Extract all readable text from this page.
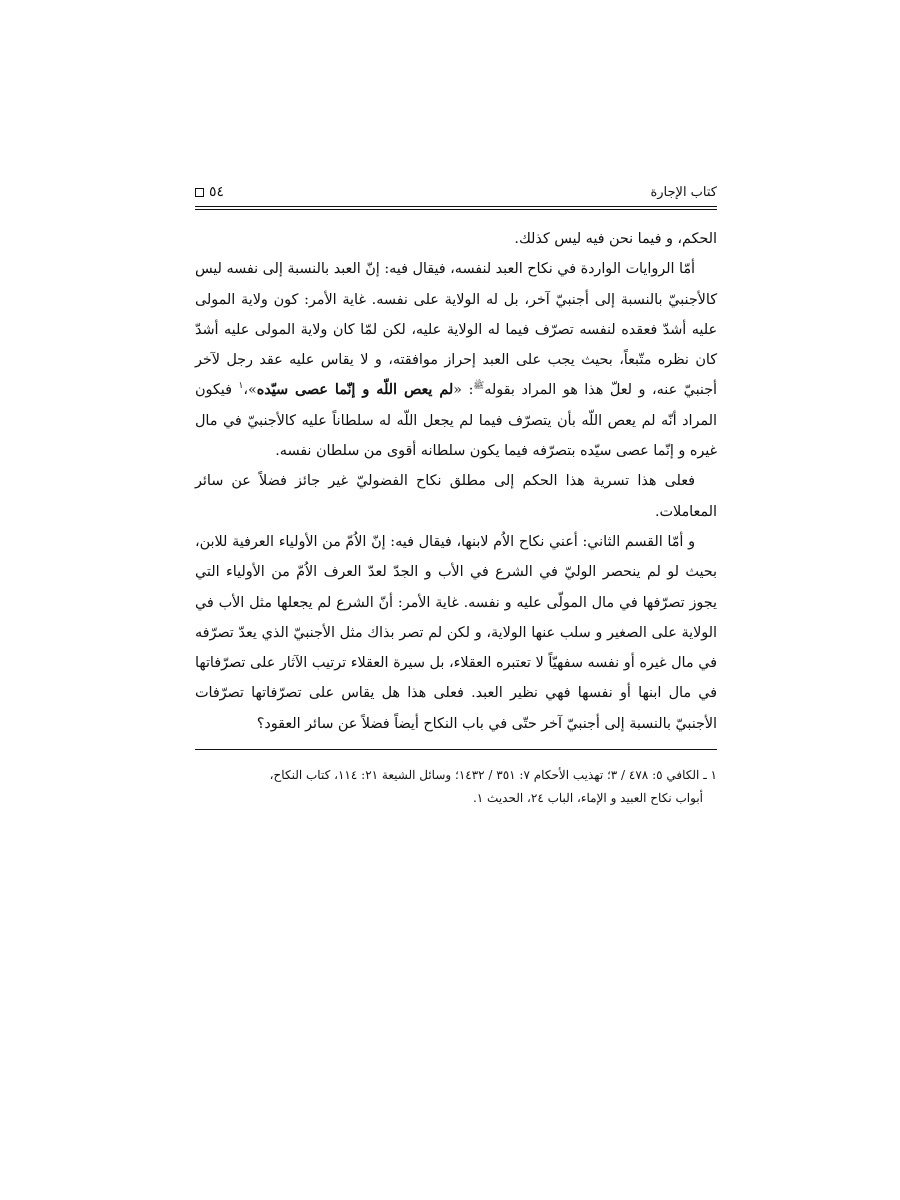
كتاب الإجارة
٥٤

الحكم، و فيما نحن فيه ليس كذلك.

أمّا الروايات الواردة في نكاح العبد لنفسه، فيقال فيه: إنّ العبد بالنسبة إلى نفسه ليس كالأجنبيّ بالنسبة إلى أجنبيّ آخر، بل له الولاية على نفسه. غاية الأمر: كون ولاية المولى عليه أشدّ فعقده لنفسه تصرّف فيما له الولاية عليه، لكن لمّا كان ولاية المولى عليه أشدّ كان نظره متّبعاً، بحيث يجب على العبد إحراز موافقته، و لا يقاس عليه عقد رجل لآخر أجنبيّ عنه، و لعلّ هذا هو المراد بقوله$^ﷺ$: «لم يعص اللّه و إنّما عصى سيّده»،$^١$ فيكون المراد أنّه لم يعص اللّه بأن يتصرّف فيما لم يجعل اللّه له سلطاناً عليه كالأجنبيّ في مال غيره و إنّما عصى سيّده بتصرّفه فيما يكون سلطانه أقوى من سلطان نفسه.

فعلى هذا تسرية هذا الحكم إلى مطلق نكاح الفضوليّ غير جائز فضلاً عن سائر المعاملات.

و أمّا القسم الثاني: أعني نكاح الاُم لابنها، فيقال فيه: إنّ الاُمّ من الأولياء العرفية للابن، بحيث لو لم ينحصر الوليّ في الشرع في الأب و الجدّ لعدّ العرف الاُمّ من الأولياء التي يجوز تصرّفها في مال المولّى عليه و نفسه. غاية الأمر: أنّ الشرع لم يجعلها مثل الأب في الولاية على الصغير و سلب عنها الولاية، و لكن لم تصر بذاك مثل الأجنبيّ الذي يعدّ تصرّفه في مال غيره أو نفسه سفهيّاً لا تعتبره العقلاء، بل سيرة العقلاء ترتيب الآثار على تصرّفاتها في مال ابنها أو نفسها فهي نظير العبد. فعلى هذا هل يقاس على تصرّفاتها تصرّفات الأجنبيّ بالنسبة إلى أجنبيّ آخر حتّى في باب النكاح أيضاً فضلاً عن سائر العقود؟

١ ـ الكافي ٥: ٤٧٨ / ٣؛ تهذيب الأحكام ٧: ٣٥١ / ١٤٣٢؛ وسائل الشيعة ٢١: ١١٤، كتاب النكاح،
أبواب نكاح العبيد و الإماء، الباب ٢٤، الحديث ١.
